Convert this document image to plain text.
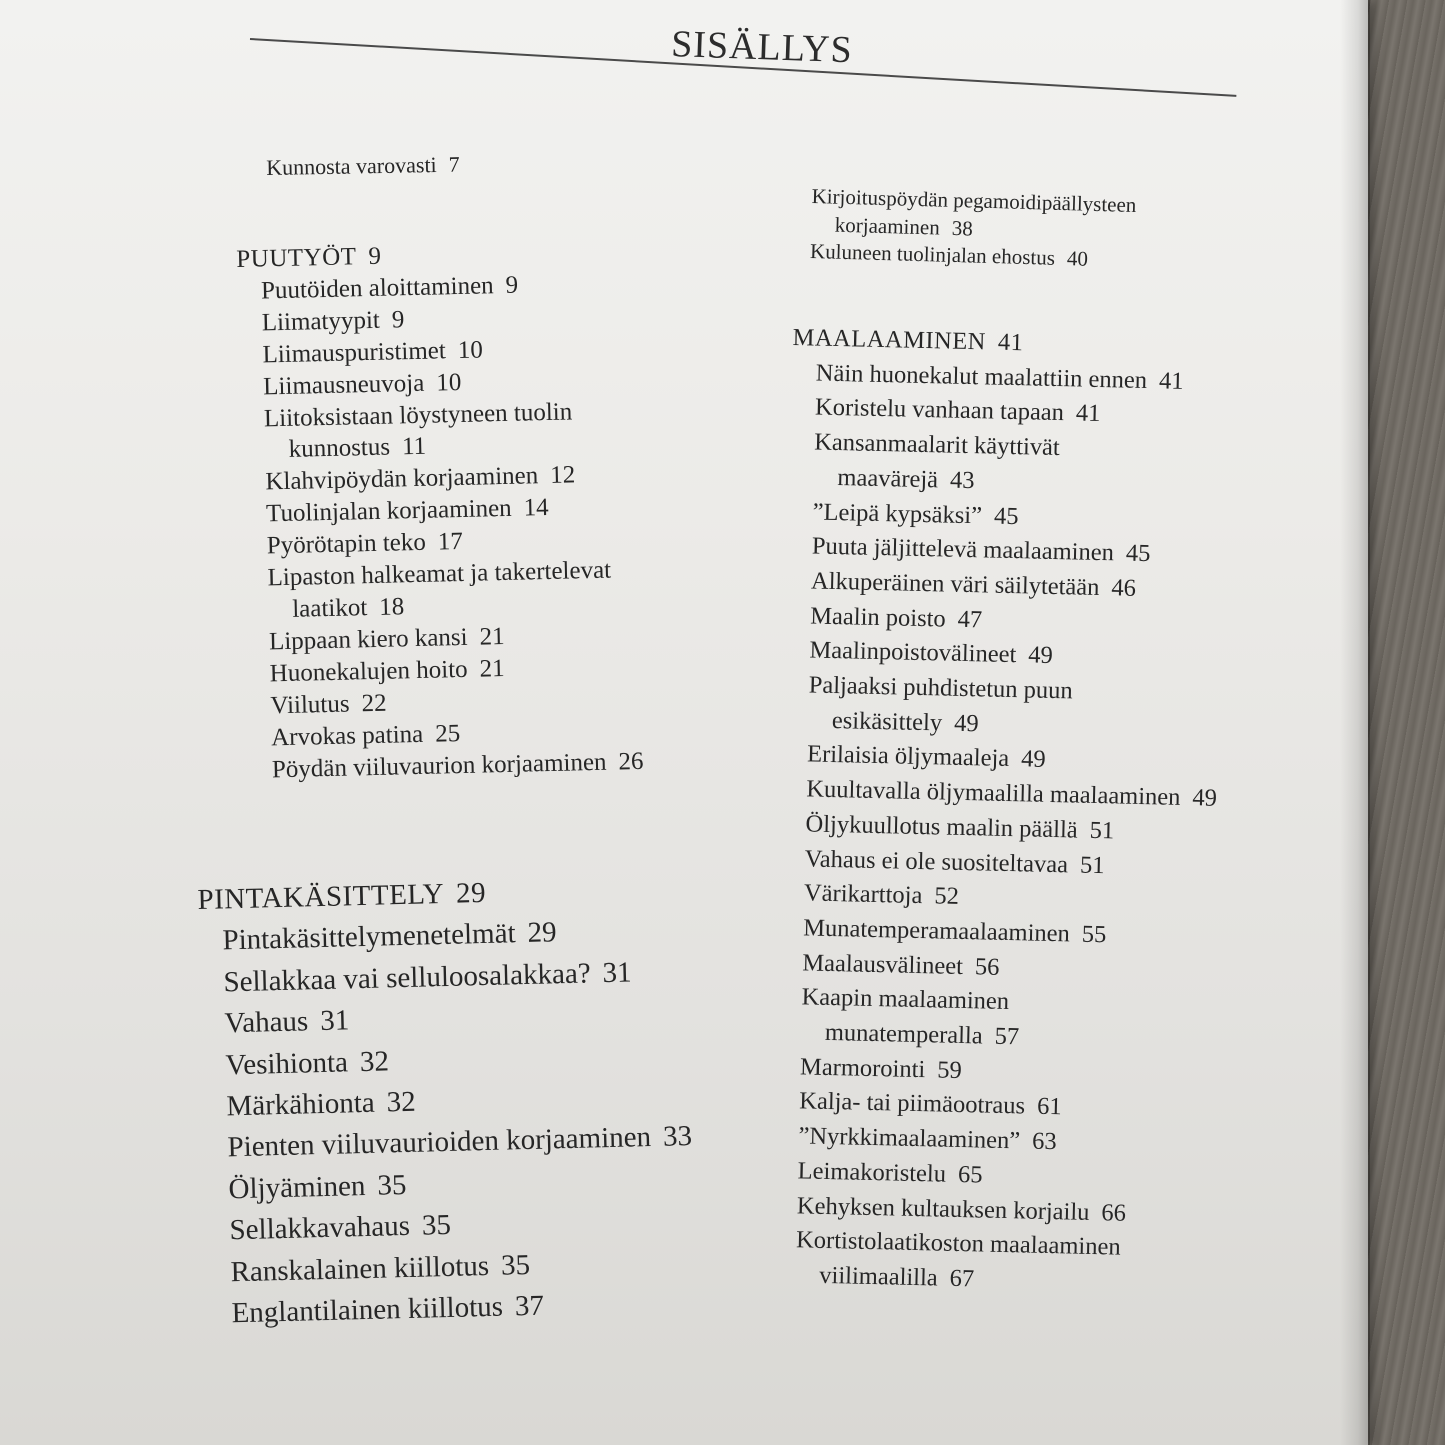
SISÄLLYS
Kunnosta varovasti 7
PUUTYÖT 9
Puutöiden aloittaminen 9
Liimatyypit 9
Liimauspuristimet 10
Liimausneuvoja 10
Liitoksistaan löystyneen tuolin
kunnostus 11
Klahvipöydän korjaaminen 12
Tuolinjalan korjaaminen 14
Pyörötapin teko 17
Lipaston halkeamat ja takertelevat
laatikot 18
Lippaan kiero kansi 21
Huonekalujen hoito 21
Viilutus 22
Arvokas patina 25
Pöydän viiluvaurion korjaaminen 26
PINTAKÄSITTELY 29
Pintakäsittelymenetelmät 29
Sellakkaa vai selluloosalakkaa? 31
Vahaus 31
Vesihionta 32
Märkähionta 32
Pienten viiluvaurioiden korjaaminen 33
Öljyäminen 35
Sellakkavahaus 35
Ranskalainen kiillotus 35
Englantilainen kiillotus 37
Kirjoituspöydän pegamoidipäällysteen
korjaaminen 38
Kuluneen tuolinjalan ehostus 40
MAALAAMINEN 41
Näin huonekalut maalattiin ennen 41
Koristelu vanhaan tapaan 41
Kansanmaalarit käyttivät
maavärejä 43
”Leipä kypsäksi” 45
Puuta jäljittelevä maalaaminen 45
Alkuperäinen väri säilytetään 46
Maalin poisto 47
Maalinpoistovälineet 49
Paljaaksi puhdistetun puun
esikäsittely 49
Erilaisia öljymaaleja 49
Kuultavalla öljymaalilla maalaaminen 49
Öljykuullotus maalin päällä 51
Vahaus ei ole suositeltavaa 51
Värikarttoja 52
Munatemperamaalaaminen 55
Maalausvälineet 56
Kaapin maalaaminen
munatemperalla 57
Marmorointi 59
Kalja- tai piimäootraus 61
”Nyrkkimaalaaminen” 63
Leimakoristelu 65
Kehyksen kultauksen korjailu 66
Kortistolaatikoston maalaaminen
viilimaalilla 67
